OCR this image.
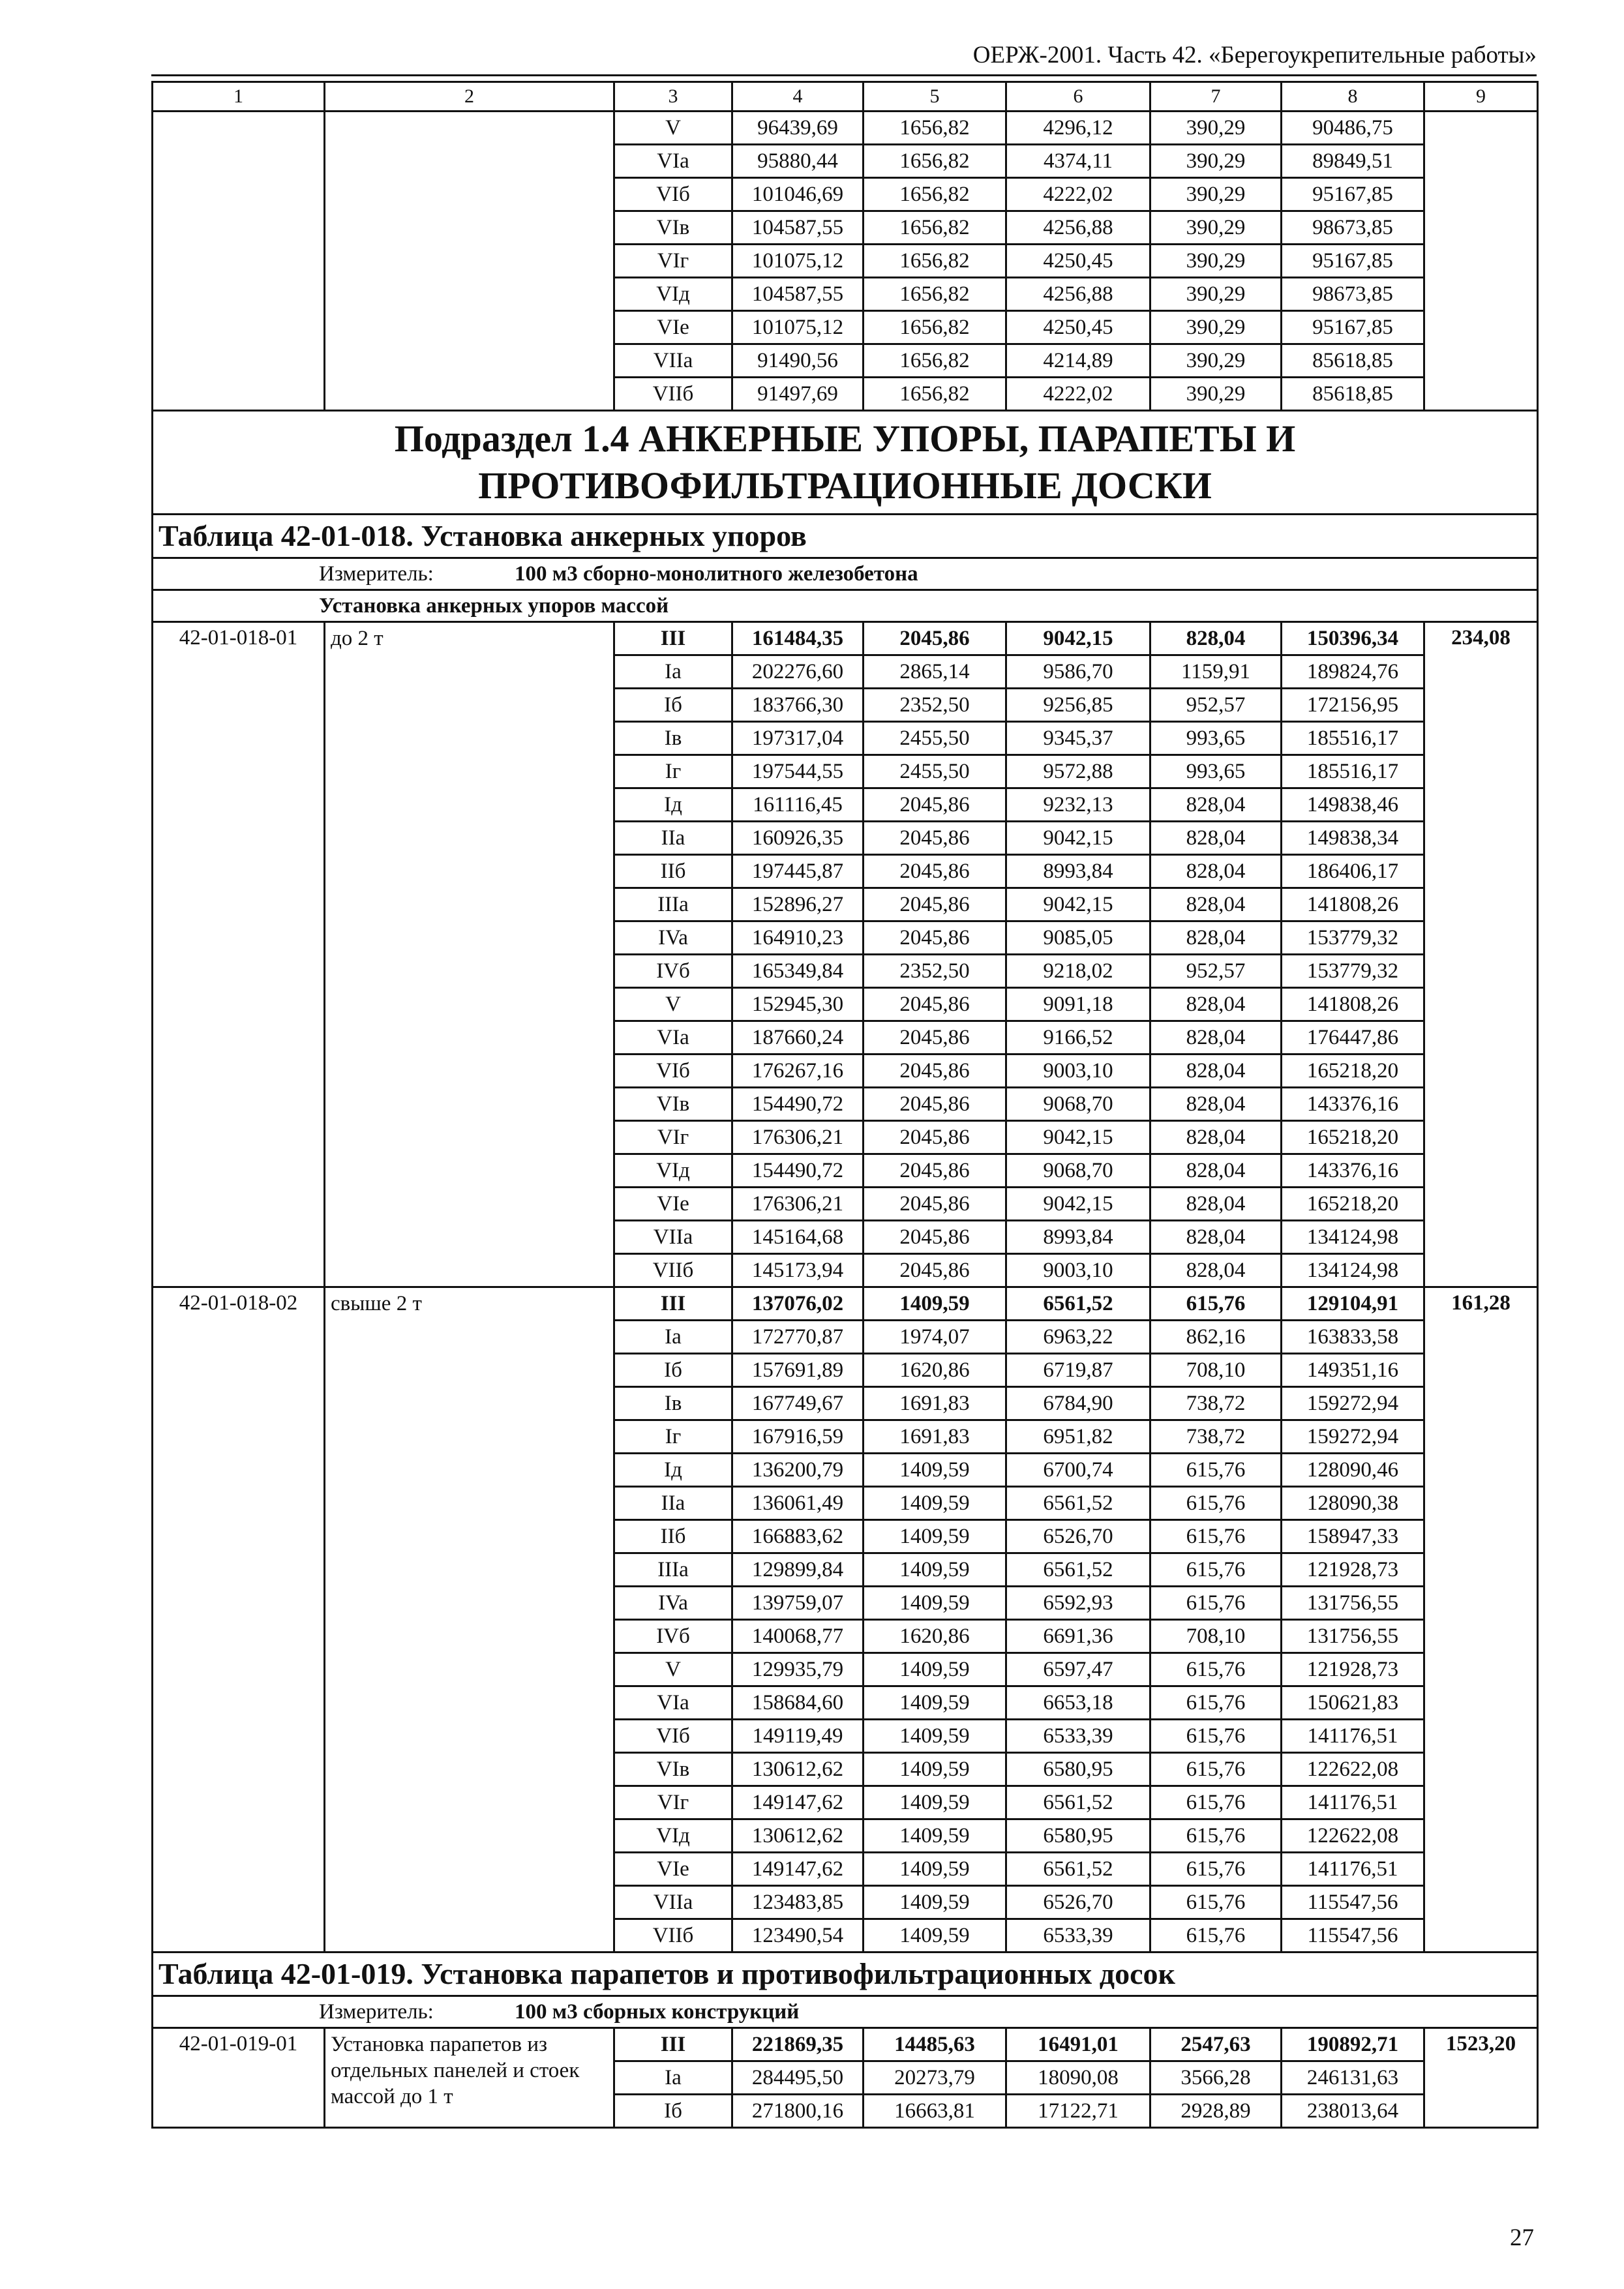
ОЕРЖ-2001. Часть 42. «Берегоукрепительные работы»
1	2	3	4	5	6	7	8	9
		V	96439,69	1656,82	4296,12	390,29	90486,75	
		VIa	95880,44	1656,82	4374,11	390,29	89849,51	
		VIб	101046,69	1656,82	4222,02	390,29	95167,85	
		VIв	104587,55	1656,82	4256,88	390,29	98673,85	
		VIг	101075,12	1656,82	4250,45	390,29	95167,85	
		VIд	104587,55	1656,82	4256,88	390,29	98673,85	
		VIе	101075,12	1656,82	4250,45	390,29	95167,85	
		VIIa	91490,56	1656,82	4214,89	390,29	85618,85	
		VIIб	91497,69	1656,82	4222,02	390,29	85618,85	
Подраздел 1.4 АНКЕРНЫЕ УПОРЫ, ПАРАПЕТЫ И ПРОТИВОФИЛЬТРАЦИОННЫЕ ДОСКИ								
Таблица 42-01-018. Установка анкерных упоров								
Измеритель: 100 м3 сборно-монолитного железобетона								
Установка анкерных упоров массой								
42-01-018-01	до 2 т	III	161484,35	2045,86	9042,15	828,04	150396,34	234,08
		Ia	202276,60	2865,14	9586,70	1159,91	189824,76	
		Iб	183766,30	2352,50	9256,85	952,57	172156,95	
		Iв	197317,04	2455,50	9345,37	993,65	185516,17	
		Iг	197544,55	2455,50	9572,88	993,65	185516,17	
		Iд	161116,45	2045,86	9232,13	828,04	149838,46	
		IIa	160926,35	2045,86	9042,15	828,04	149838,34	
		IIб	197445,87	2045,86	8993,84	828,04	186406,17	
		IIIa	152896,27	2045,86	9042,15	828,04	141808,26	
		IVa	164910,23	2045,86	9085,05	828,04	153779,32	
		IVб	165349,84	2352,50	9218,02	952,57	153779,32	
		V	152945,30	2045,86	9091,18	828,04	141808,26	
		VIa	187660,24	2045,86	9166,52	828,04	176447,86	
		VIб	176267,16	2045,86	9003,10	828,04	165218,20	
		VIв	154490,72	2045,86	9068,70	828,04	143376,16	
		VIг	176306,21	2045,86	9042,15	828,04	165218,20	
		VIд	154490,72	2045,86	9068,70	828,04	143376,16	
		VIе	176306,21	2045,86	9042,15	828,04	165218,20	
		VIIa	145164,68	2045,86	8993,84	828,04	134124,98	
		VIIб	145173,94	2045,86	9003,10	828,04	134124,98	
42-01-018-02	свыше 2 т	III	137076,02	1409,59	6561,52	615,76	129104,91	161,28
		Ia	172770,87	1974,07	6963,22	862,16	163833,58	
		Iб	157691,89	1620,86	6719,87	708,10	149351,16	
		Iв	167749,67	1691,83	6784,90	738,72	159272,94	
		Iг	167916,59	1691,83	6951,82	738,72	159272,94	
		Iд	136200,79	1409,59	6700,74	615,76	128090,46	
		IIa	136061,49	1409,59	6561,52	615,76	128090,38	
		IIб	166883,62	1409,59	6526,70	615,76	158947,33	
		IIIa	129899,84	1409,59	6561,52	615,76	121928,73	
		IVa	139759,07	1409,59	6592,93	615,76	131756,55	
		IVб	140068,77	1620,86	6691,36	708,10	131756,55	
		V	129935,79	1409,59	6597,47	615,76	121928,73	
		VIa	158684,60	1409,59	6653,18	615,76	150621,83	
		VIб	149119,49	1409,59	6533,39	615,76	141176,51	
		VIв	130612,62	1409,59	6580,95	615,76	122622,08	
		VIг	149147,62	1409,59	6561,52	615,76	141176,51	
		VIд	130612,62	1409,59	6580,95	615,76	122622,08	
		VIе	149147,62	1409,59	6561,52	615,76	141176,51	
		VIIa	123483,85	1409,59	6526,70	615,76	115547,56	
		VIIб	123490,54	1409,59	6533,39	615,76	115547,56	
Таблица 42-01-019. Установка парапетов и противофильтрационных досок								
Измеритель: 100 м3 сборных конструкций								
42-01-019-01	Установка парапетов из отдельных панелей и стоек массой до 1 т	III	221869,35	14485,63	16491,01	2547,63	190892,71	1523,20
		Ia	284495,50	20273,79	18090,08	3566,28	246131,63	
		Iб	271800,16	16663,81	17122,71	2928,89	238013,64	
27
